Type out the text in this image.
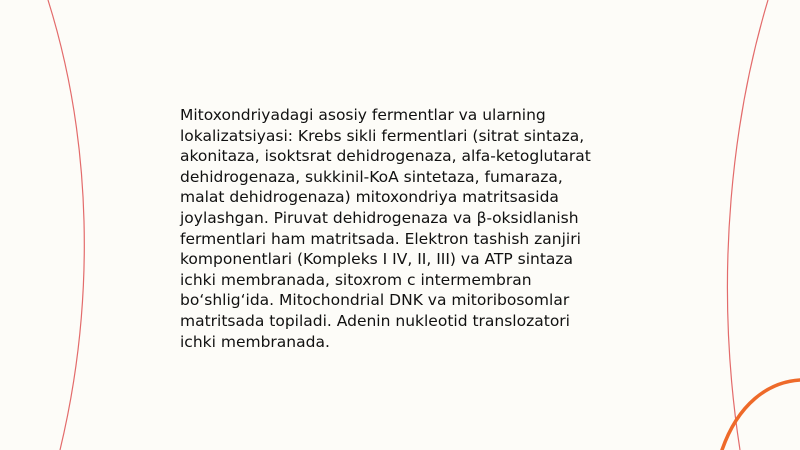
Mitoxondriyadagi asosiy fermentlar va ularning
lokalizatsiyasi: Krebs sikli fermentlari (sitrat sintaza,
akonitaza, isoktsrat dehidrogenaza, alfa-ketoglutarat
dehidrogenaza, sukkinil-KoA sintetaza, fumaraza,
malat dehidrogenaza) mitoxondriya matritsasida
joylashgan. Piruvat dehidrogenaza va β-oksidlanish
fermentlari ham matritsada. Elektron tashish zanjiri
komponentlari (Kompleks I IV, II, III) va ATP sintaza
ichki membranada, sitoxrom c intermembran
bo‘shlig‘ida. Mitochondrial DNK va mitoribosomlar
matritsada topiladi. Adenin nukleotid translozatori
ichki membranada.
